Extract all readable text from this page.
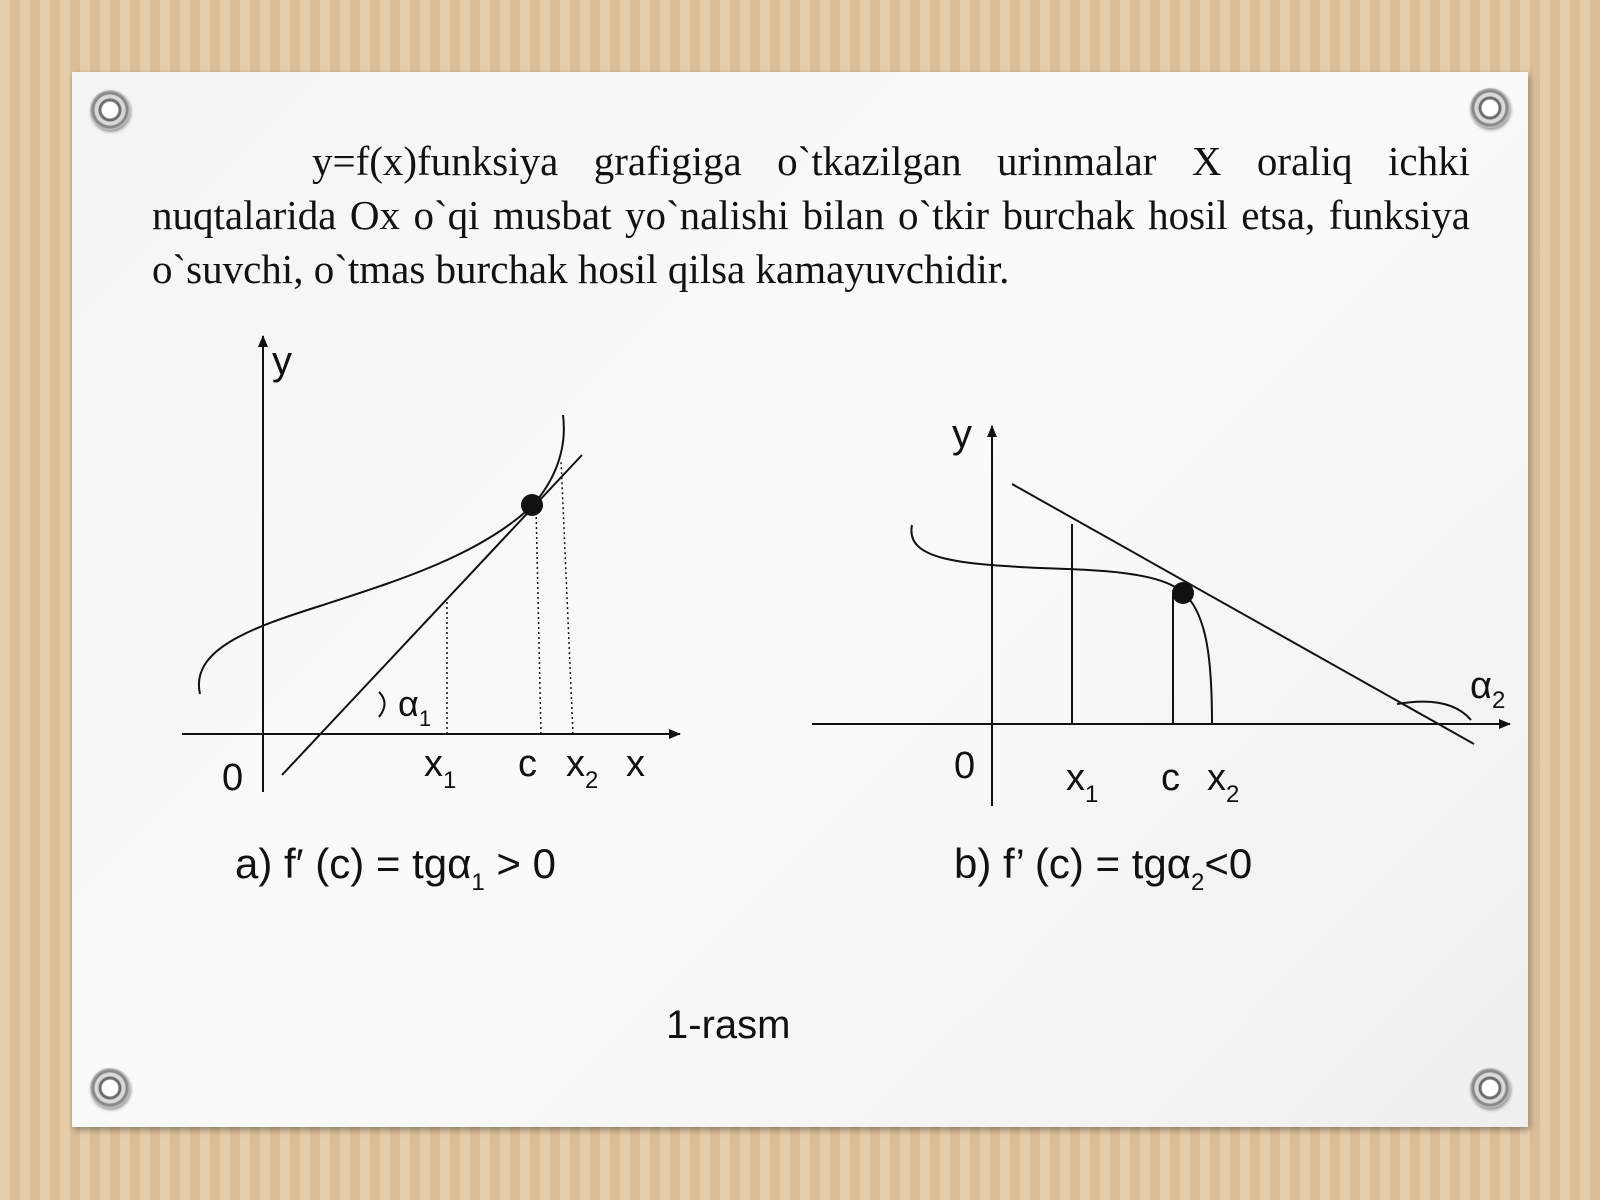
y=f(x)funksiya grafigiga o`tkazilgan urinmalar X oraliq ichki nuqtalarida Ox o`qi musbat yo`nalishi bilan o`tkir burchak hosil etsa, funksiya o`suvchi, o`tmas burchak hosil qilsa kamayuvchidir.

y
0	$x_1$ c $x_2$ x
$\alpha_1$
a) f′ (c) = tgα$_1$ > 0
y
0 $x_1$ c $x_2$
$\alpha_2$
b) f’ (c) = tgα$_2$<0
1-rasm
